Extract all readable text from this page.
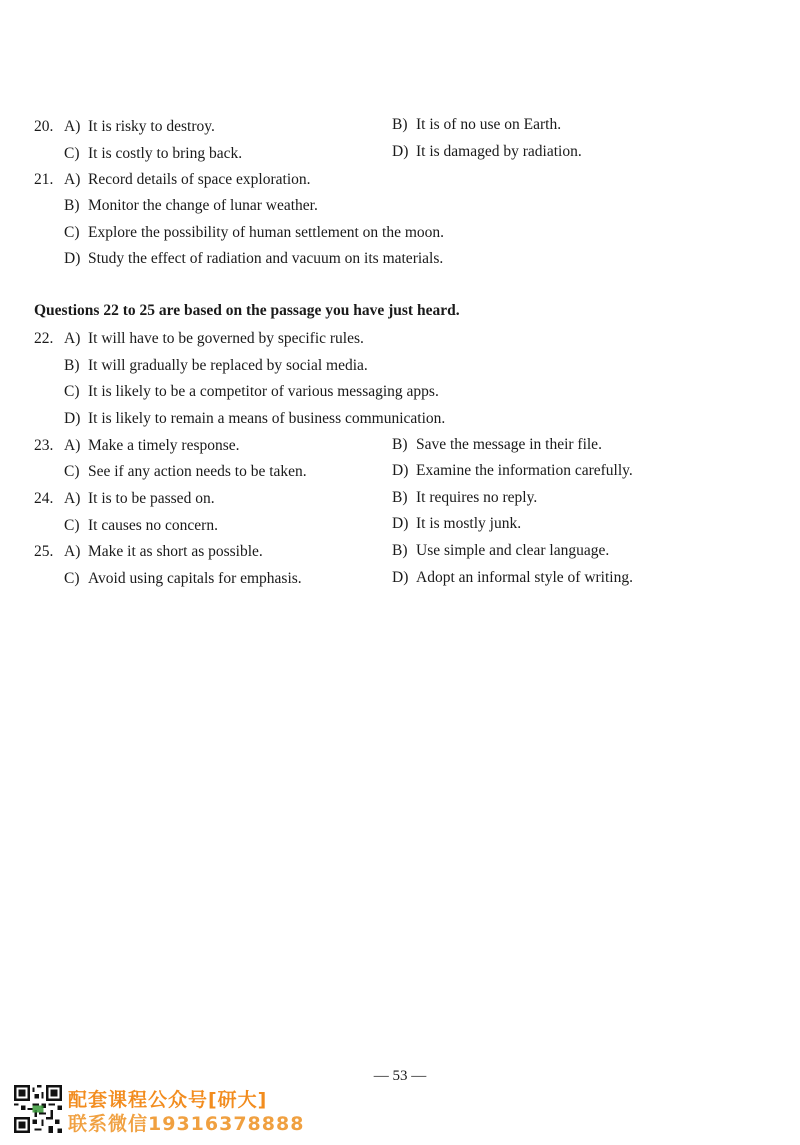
20. A) It is risky to destroy.	B) It is of no use on Earth.
C) It is costly to bring back.	D) It is damaged by radiation.
21. A) Record details of space exploration.
B) Monitor the change of lunar weather.
C) Explore the possibility of human settlement on the moon.
D) Study the effect of radiation and vacuum on its materials.
Questions 22 to 25 are based on the passage you have just heard.
22. A) It will have to be governed by specific rules.
B) It will gradually be replaced by social media.
C) It is likely to be a competitor of various messaging apps.
D) It is likely to remain a means of business communication.
23. A) Make a timely response.	B) Save the message in their file.
C) See if any action needs to be taken.	D) Examine the information carefully.
24. A) It is to be passed on.	B) It requires no reply.
C) It causes no concern.	D) It is mostly junk.
25. A) Make it as short as possible.	B) Use simple and clear language.
C) Avoid using capitals for emphasis.	D) Adopt an informal style of writing.
— 53 —
配套课程公众号[研大]
联系微信19316378888
